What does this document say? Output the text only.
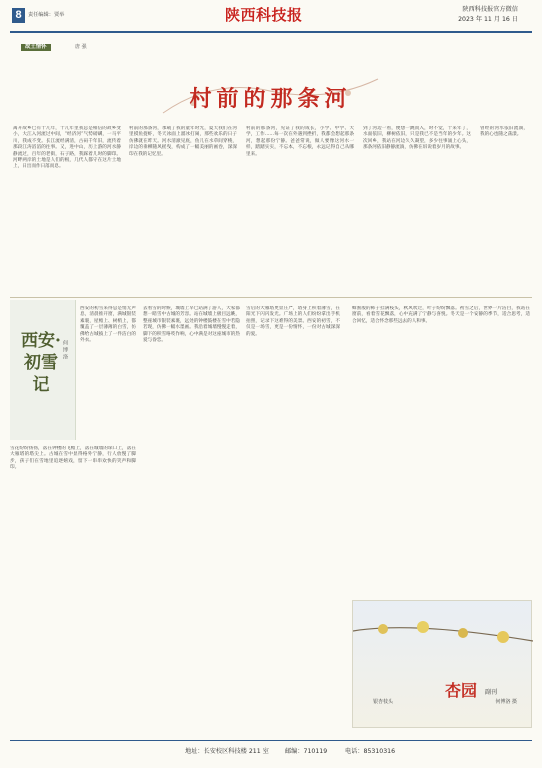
8	责任编辑：贾举	陕西科技报	陕西科技报官方微信
2023 年 11 月 16 日
故土情怀	唐 强
村前的那条河
离开故乡已有十几年，十几年里我总是相信的故乡变小，大江入河流过中间，“经济河”气势磅礴，一马平川，我成不变。长江流经满清，古码千年旧，流传着那段江涛滔滔的往事。又，进中山，历上游的河水静静流过，百年的老街，石子路，我踩着儿时的脚印。河畔两岸的土地是人们的根，几代人都守在这片土地上，日出而作日落而息。
村前的那条河，承载了我的童年时光，夏天我们在河里摸鱼捉虾，冬天冰面上溜冰打闹，那些欢乐的日子仿佛就在昨天。河水清澈见底，鱼儿在水草间穿梭，岸边的垂柳随风摇曳，构成了一幅美丽的画卷，深深印在我的记忆里。
村前的那条河，见证了我的成长，小学、中学、大学，工作……每一次在外遇到挫折，我都会想起那条河，想起那份宁静。爸爸常说，做人要像这河水一样，踏踏实实，不忘本，不忘根，永远记得自己从哪里来。
到了河边一看，便想一跳而入，时不觉，十来年了，水面依旧，柳树依旧，只是我已不是当年的少年。这次回乡，我站在河边久久凝望，多少往事涌上心头，那条河依旧静静流淌，仿佛在诉说着岁月的故事。
曾经的河水依旧流淌，我的心也随之荡漾。
西安·初雪记
何 博 洛
西安的初雪来得总是悄无声息，清晨推开窗，满城银装素裹，屋檐上、树梢上，都覆盖了一层薄薄的白雪，仿佛给古城披上了一件洁白的外衣。
雪花纷纷扬扬，落在钟楼的飞檐上，落在城墙的垛口上，落在大雁塔的塔尖上。古城在雪中显得格外宁静，行人放慢了脚步，孩子们在雪地里追逐嬉戏，留下一串串欢快的笑声和脚印。
去看雪的时候，城墙上早已站满了游人，大家都想一睹雪中古城的芳容。站在城墙上极目远眺，整座城市银装素裹，远处的钟楼鼓楼在雪中若隐若现，仿佛一幅水墨画。我沿着城墙慢慢走着，脚下的积雪咯吱作响，心中满是对这座城市的热爱与眷恋。
雪后的大雁塔更显庄严，塔身上积着薄雪，在阳光下闪闪发光。广场上的人们纷纷拿出手机拍照，记录下这难得的美景。西安的初雪，不仅是一场雪，更是一份情怀，一份对古城深深的爱。
蜂蜜般的柿子挂满枝头，秋风吹过，叶子纷纷飘落。初雪之后，世界一片洁白，我站在窗前，看着雪花飘落，心中充满了宁静与喜悦。冬天是一个安静的季节，适合思考，适合回忆，适合怀念那些远去的人和事。
银杏枝头
杏园 副刊
何博洛 摄
地址：长安校区科技楼 211 室	邮编：710119	电话：85310316
